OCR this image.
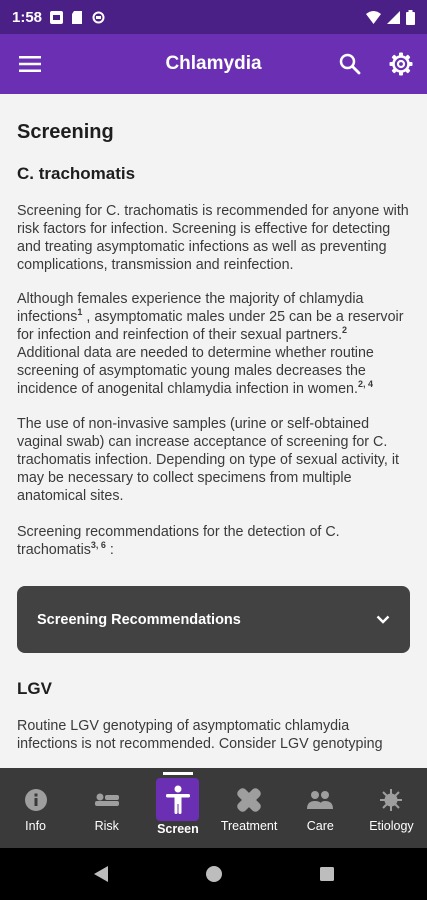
1:58
Chlamydia
Screening
C. trachomatis

Screening for C. trachomatis is recommended for anyone with risk factors for infection. Screening is effective for detecting and treating asymptomatic infections as well as preventing complications, transmission and reinfection.

Although females experience the majority of chlamydia infections$^1$ , asymptomatic males under 25 can be a reservoir for infection and reinfection of their sexual partners.$^2$ Additional data are needed to determine whether routine screening of asymptomatic young males decreases the incidence of anogenital chlamydia infection in women.$^{2, 4}$

The use of non-invasive samples (urine or self-obtained vaginal swab) can increase acceptance of screening for C. trachomatis infection. Depending on type of sexual activity, it may be necessary to collect specimens from multiple anatomical sites.

Screening recommendations for the detection of C. trachomatis$^{3, 6}$ :

Screening Recommendations
LGV

Routine LGV genotyping of asymptomatic chlamydia infections is not recommended. Consider LGV genotyping

Info	Risk	Screen Treatment Care	Etiology
